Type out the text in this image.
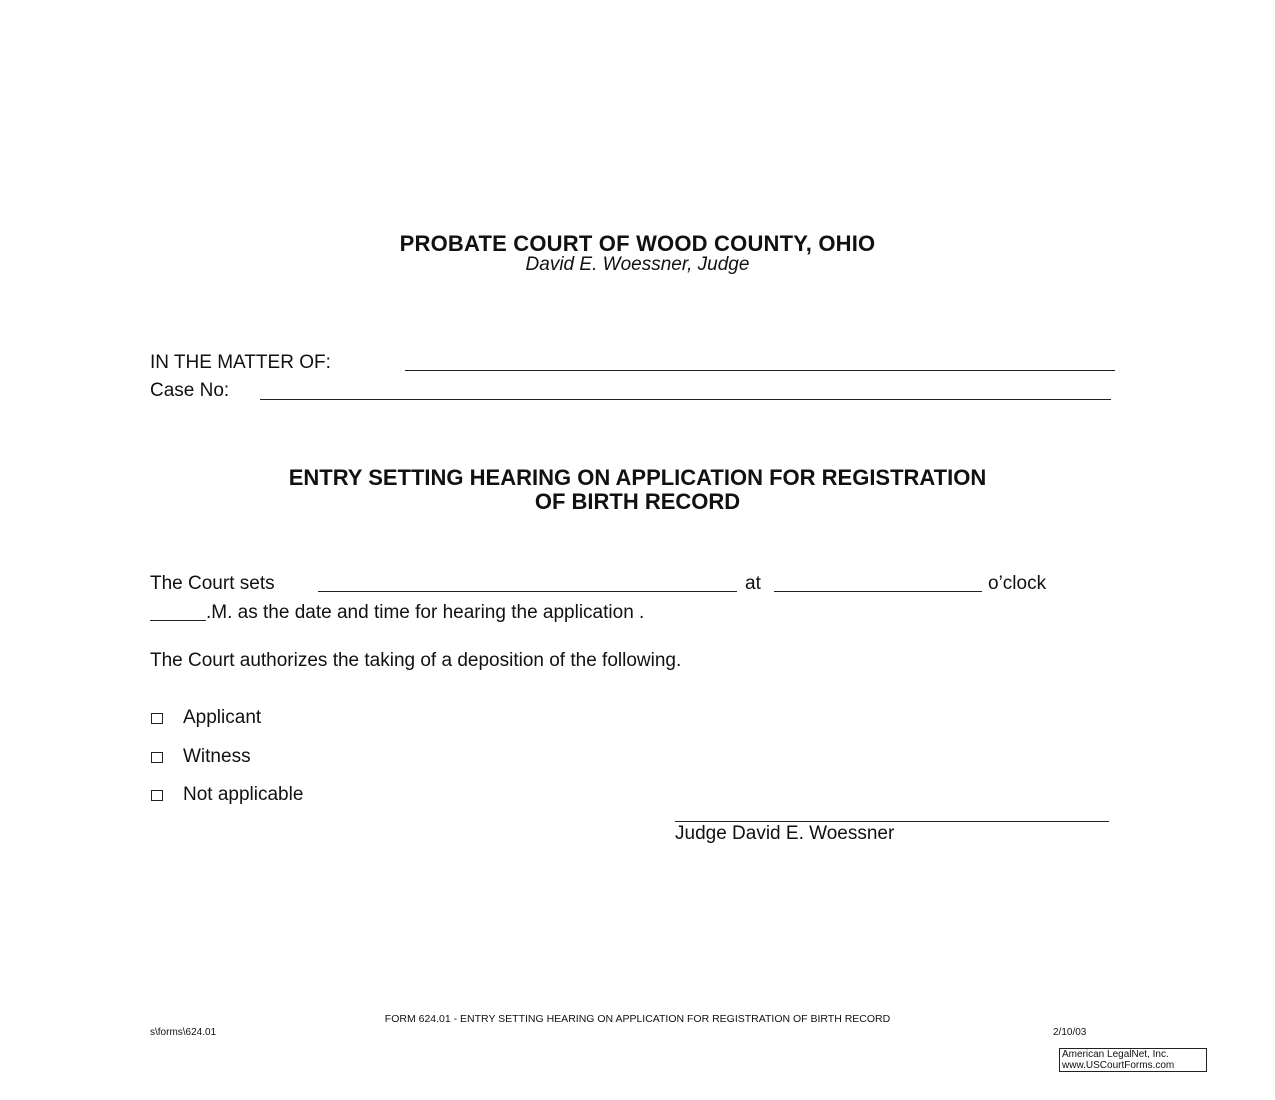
PROBATE COURT OF WOOD COUNTY, OHIO
David E. Woessner, Judge
IN THE MATTER OF:
Case No:
ENTRY SETTING HEARING ON APPLICATION FOR REGISTRATION
OF BIRTH RECORD
The Court sets	at	o’clock
.M. as the date and time for hearing the application .
The Court authorizes the taking of a deposition of the following.
Applicant
Witness
Not applicable
Judge David E. Woessner
FORM 624.01 - ENTRY SETTING HEARING ON APPLICATION FOR REGISTRATION OF BIRTH RECORD
s\forms\624.01	2/10/03
American LegalNet, Inc.
www.USCourtForms.com
